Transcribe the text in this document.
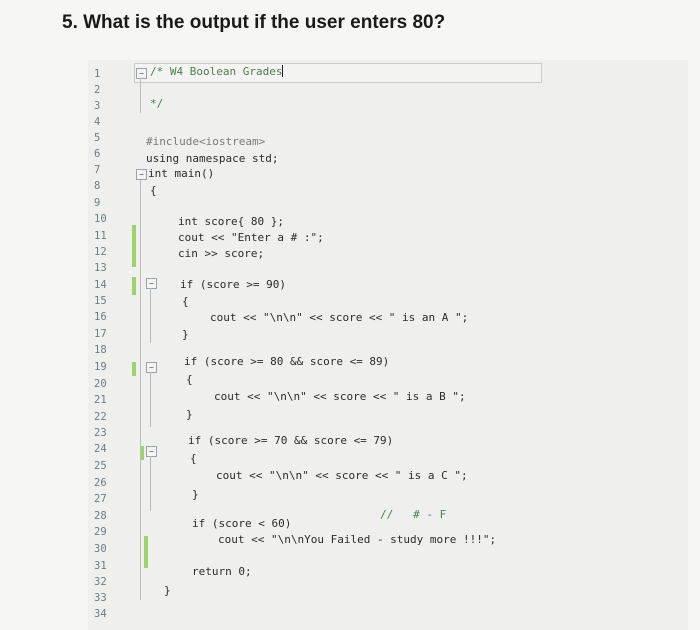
5. What is the output if the user enters 80?
1
2
3
4
5
6
7
8
9
10
11
12
13
14
15
16
17
18
19
20
21
22
23
24
25
26
27
28
29
30
31
32
33
34
−
−
−
−
−
/* W4 Boolean Grades
*/
#include<iostream>
using namespace std;
int main()
{
int score{ 80 };
cout << "Enter a # :";
cin >> score;
if (score >= 90)
{
cout << "\n\n" << score << " is an A ";
}
if (score >= 80 && score <= 89)
{
cout << "\n\n" << score << " is a B ";
}
if (score >= 70 && score <= 79)
{
cout << "\n\n" << score << " is a C ";
}
//   # - F
if (score < 60)
cout << "\n\nYou Failed - study more !!!";
return 0;
}
